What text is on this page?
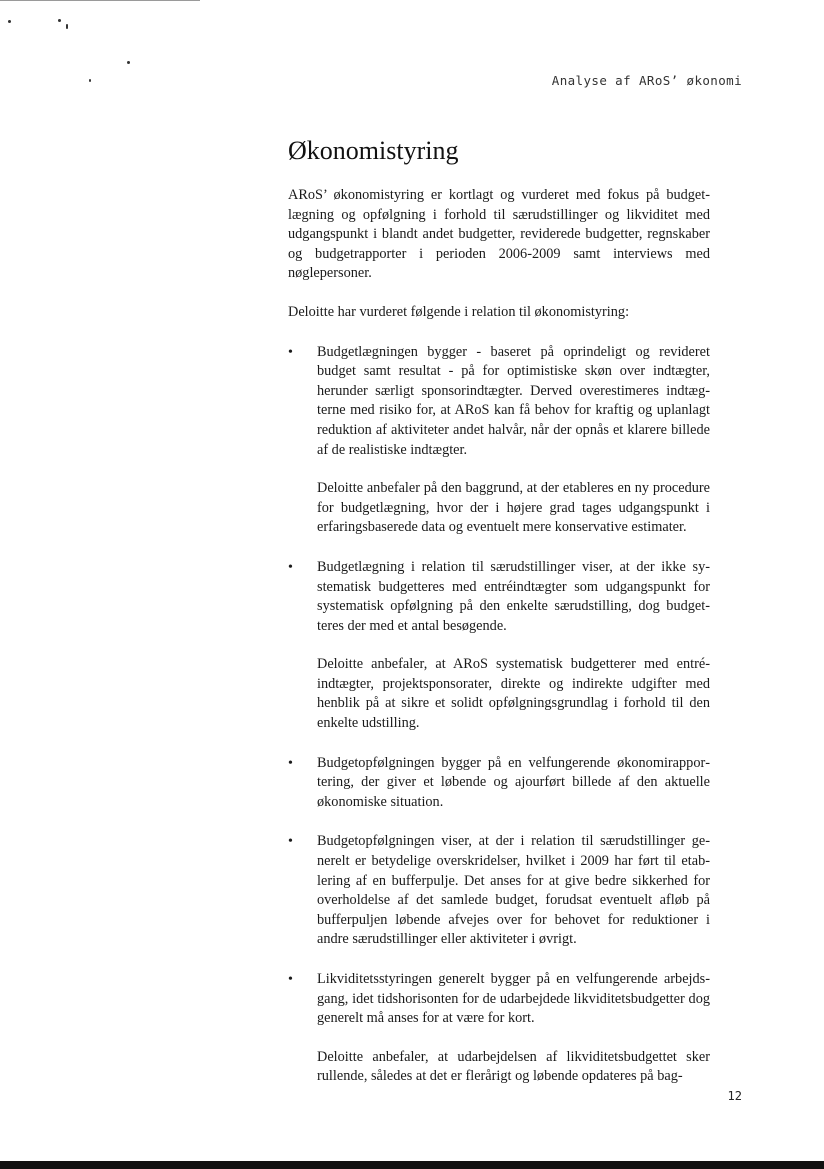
Analyse af ARoS’ økonomi
Økonomistyring

ARoS’ økonomistyring er kortlagt og vurderet med fokus på budgetlægning og opfølgning i forhold til særudstillinger og likviditet med udgangspunkt i blandt andet budgetter, reviderede budgetter, regnskaber og budgetrapporter i perioden 2006-2009 samt interviews med nøglepersoner.

Deloitte har vurderet følgende i relation til økonomistyring:

• Budgetlægningen bygger - baseret på oprindeligt og revideret budget samt resultat - på for optimistiske skøn over indtægter, herunder særligt sponsorindtægter. Derved overestimeres indtægterne med risiko for, at ARoS kan få behov for kraftig og uplanlagt reduktion af aktiviteter andet halvår, når der opnås et klarere billede af de realistiske indtægter.

Deloitte anbefaler på den baggrund, at der etableres en ny procedure for budgetlægning, hvor der i højere grad tages udgangspunkt i erfaringsbaserede data og eventuelt mere konservative estimater.

• Budgetlægning i relation til særudstillinger viser, at der ikke systematisk budgetteres med entréindtægter som udgangspunkt for systematisk opfølgning på den enkelte særudstilling, dog budgetteres der med et antal besøgende.

Deloitte anbefaler, at ARoS systematisk budgetterer med entréindtægter, projektsponsorater, direkte og indirekte udgifter med henblik på at sikre et solidt opfølgningsgrundlag i forhold til den enkelte udstilling.

• Budgetopfølgningen bygger på en velfungerende økonomirapportering, der giver et løbende og ajourført billede af den aktuelle økonomiske situation.

• Budgetopfølgningen viser, at der i relation til særudstillinger generelt er betydelige overskridelser, hvilket i 2009 har ført til etablering af en bufferpulje. Det anses for at give bedre sikkerhed for overholdelse af det samlede budget, forudsat eventuelt afløb på bufferpuljen løbende afvejes over for behovet for reduktioner i andre særudstillinger eller aktiviteter i øvrigt.

• Likviditetsstyringen generelt bygger på en velfungerende arbejdsgang, idet tidshorisonten for de udarbejdede likviditetsbudgetter dog generelt må anses for at være for kort.

Deloitte anbefaler, at udarbejdelsen af likviditetsbudgettet sker rullende, således at det er flerårigt og løbende opdateres på bag-

12
